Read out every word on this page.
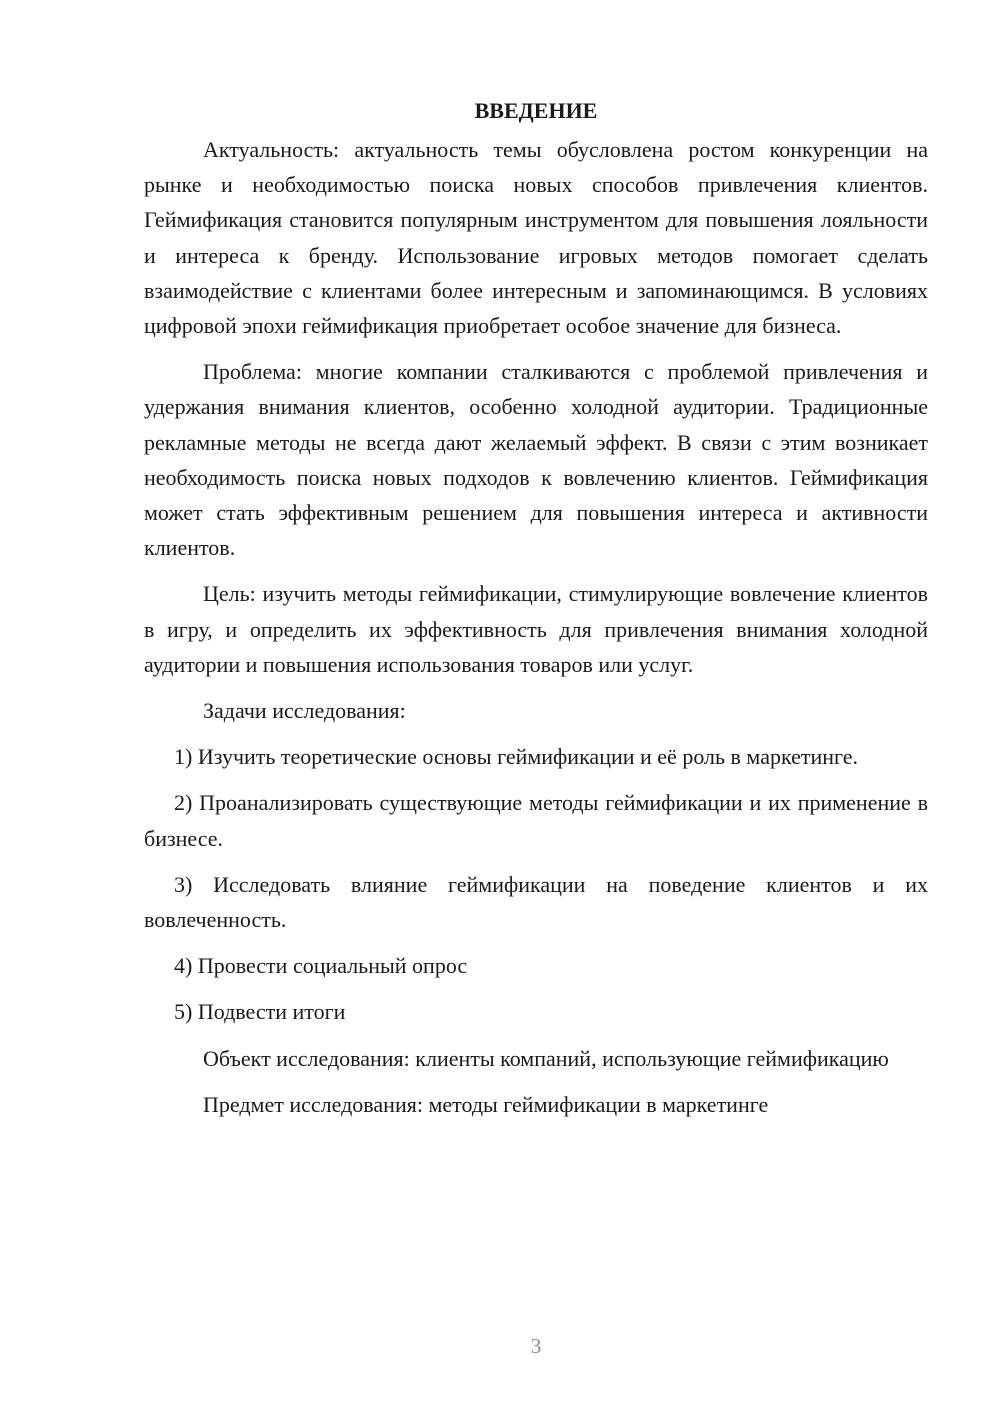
ВВЕДЕНИЕ

Актуальность: актуальность темы обусловлена ростом конкуренции на рынке и необходимостью поиска новых способов привлечения клиентов. Геймификация становится популярным инструментом для повышения лояльности и интереса к бренду. Использование игровых методов помогает сделать взаимодействие с клиентами более интересным и запоминающимся. В условиях цифровой эпохи геймификация приобретает особое значение для бизнеса.

Проблема: многие компании сталкиваются с проблемой привлечения и удержания внимания клиентов, особенно холодной аудитории. Традиционные рекламные методы не всегда дают желаемый эффект. В связи с этим возникает необходимость поиска новых подходов к вовлечению клиентов. Геймификация может стать эффективным решением для повышения интереса и активности клиентов.

Цель: изучить методы геймификации, стимулирующие вовлечение клиентов в игру, и определить их эффективность для привлечения внимания холодной аудитории и повышения использования товаров или услуг.

Задачи исследования:

1) Изучить теоретические основы геймификации и её роль в маркетинге.

2) Проанализировать существующие методы геймификации и их применение в бизнесе.

3) Исследовать влияние геймификации на поведение клиентов и их вовлеченность.

4) Провести социальный опрос

5) Подвести итоги

Объект исследования: клиенты компаний, использующие геймификацию

Предмет исследования: методы геймификации в маркетинге

3
